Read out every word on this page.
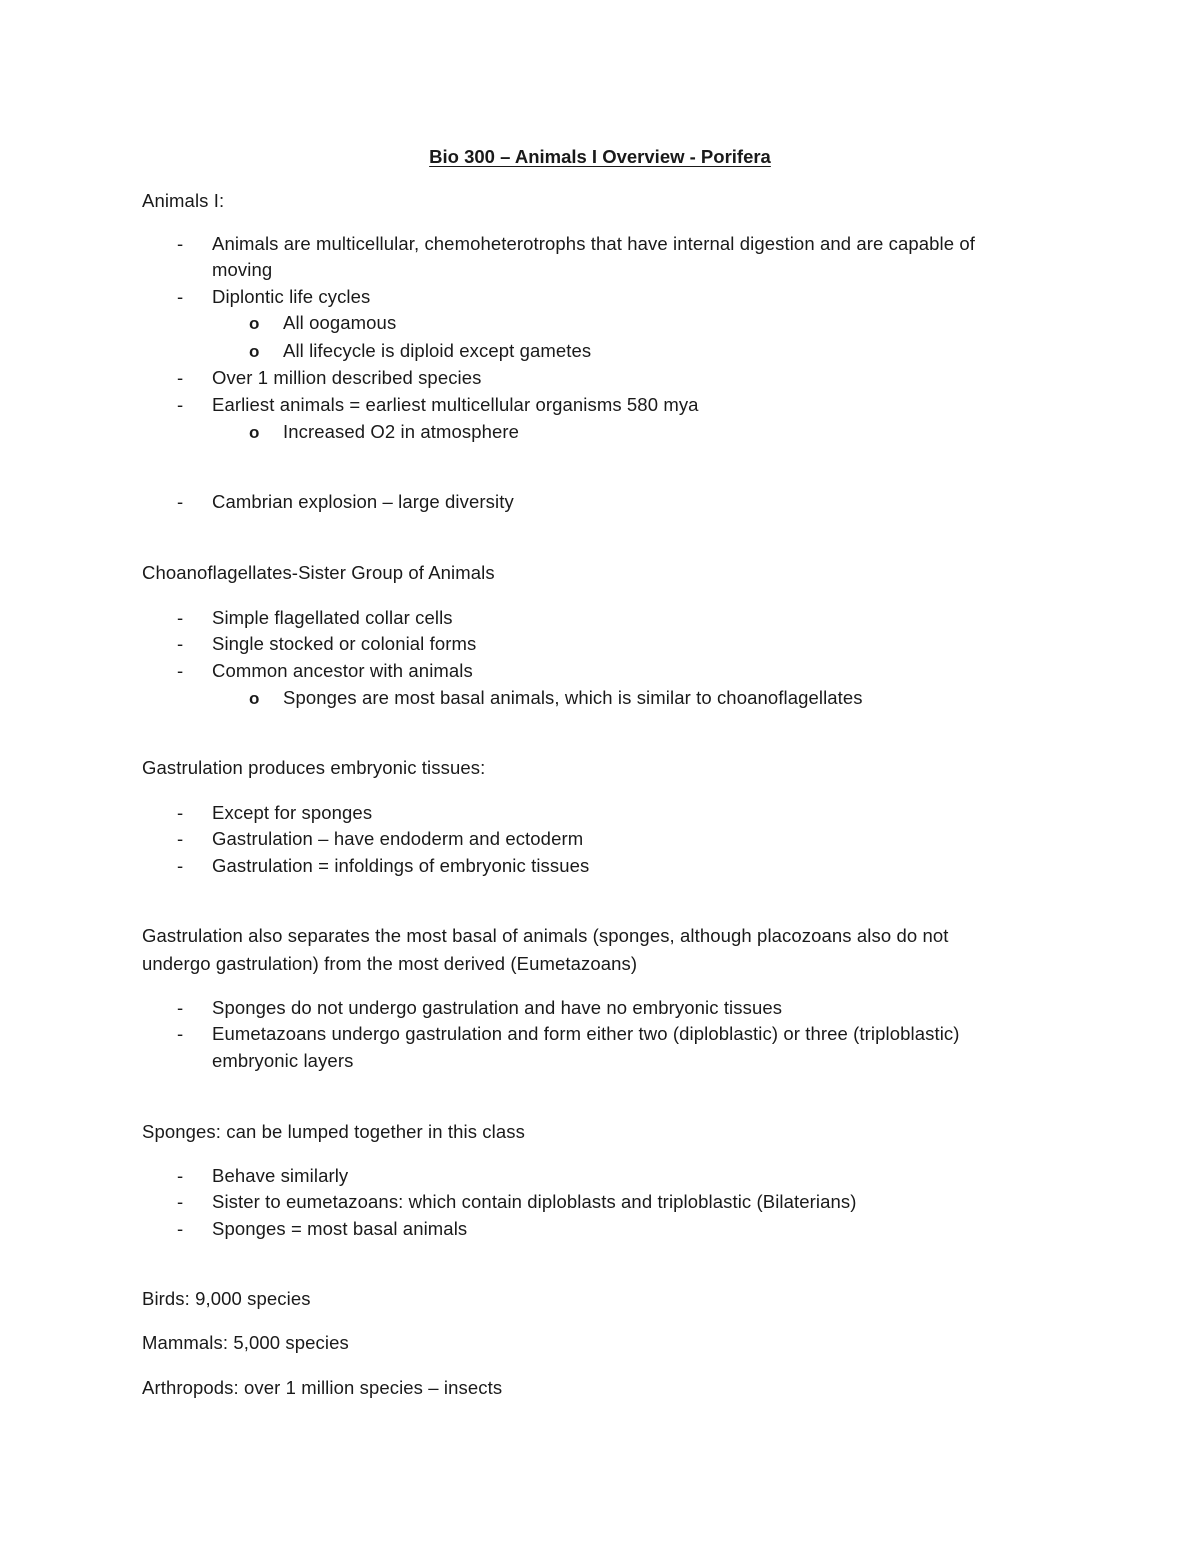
Bio 300 – Animals I Overview - Porifera
Animals I:
- Animals are multicellular, chemoheterotrophs that have internal digestion and are capable of
moving
- Diplontic life cycles
o All oogamous
o All lifecycle is diploid except gametes
- Over 1 million described species
- Earliest animals = earliest multicellular organisms 580 mya
o Increased O2 in atmosphere
- Cambrian explosion – large diversity
Choanoflagellates-Sister Group of Animals
- Simple flagellated collar cells
- Single stocked or colonial forms
- Common ancestor with animals
o Sponges are most basal animals, which is similar to choanoflagellates
Gastrulation produces embryonic tissues:
- Except for sponges
- Gastrulation – have endoderm and ectoderm
- Gastrulation = infoldings of embryonic tissues
Gastrulation also separates the most basal of animals (sponges, although placozoans also do not
undergo gastrulation) from the most derived (Eumetazoans)
- Sponges do not undergo gastrulation and have no embryonic tissues
- Eumetazoans undergo gastrulation and form either two (diploblastic) or three (triploblastic)
embryonic layers
Sponges: can be lumped together in this class
- Behave similarly
- Sister to eumetazoans: which contain diploblasts and triploblastic (Bilaterians)
- Sponges = most basal animals
Birds: 9,000 species
Mammals: 5,000 species
Arthropods: over 1 million species – insects
